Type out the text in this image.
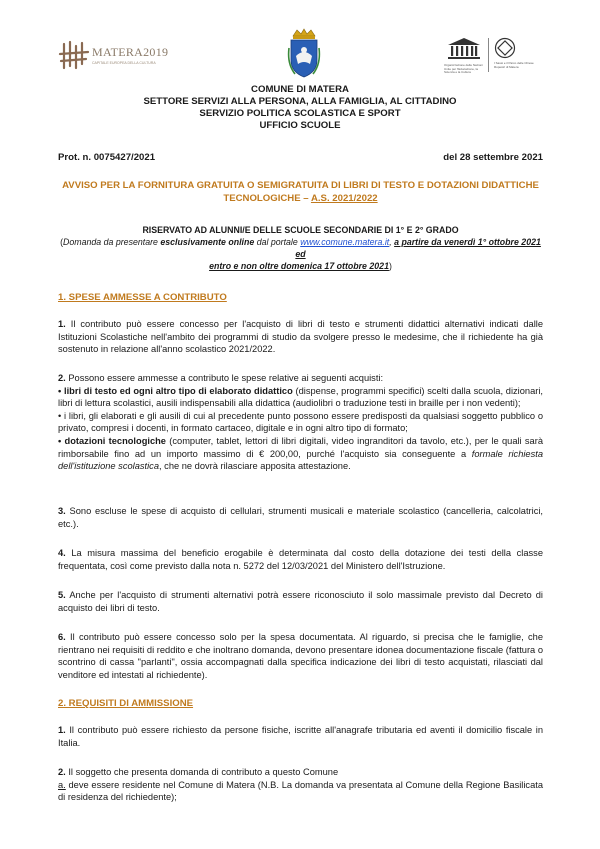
MATERA2019
CAPITALE EUROPEA DELLA CULTURA	Organizzazione delle Nazioni Unite per l'Educazione, la Scienza e la Cultura
I Sassi e il Parco delle Chiese Rupestri di Matera
COMUNE DI MATERA
SETTORE SERVIZI ALLA PERSONA, ALLA FAMIGLIA, AL CITTADINO
SERVIZIO POLITICA SCOLASTICA E SPORT
UFFICIO SCUOLE
Prot. n. 0075427/2021	del 28 settembre 2021
AVVISO PER LA FORNITURA GRATUITA O SEMIGRATUITA DI LIBRI DI TESTO E DOTAZIONI DIDATTICHE
TECNOLOGICHE – A.S. 2021/2022
RISERVATO AD ALUNNI/E DELLE SCUOLE SECONDARIE DI 1° E 2° GRADO
(Domanda da presentare esclusivamente online dal portale www.comune.matera.it, a partire da venerdì 1° ottobre 2021 ed
entro e non oltre domenica 17 ottobre 2021)
1. SPESE AMMESSE A CONTRIBUTO
1. Il contributo può essere concesso per l'acquisto di libri di testo e strumenti didattici alternativi indicati dalle Istituzioni Scolastiche nell'ambito dei programmi di studio da svolgere presso le medesime, che il richiedente ha già sostenuto in relazione all'anno scolastico 2021/2022.
2. Possono essere ammesse a contributo le spese relative ai seguenti acquisti:
• libri di testo ed ogni altro tipo di elaborato didattico (dispense, programmi specifici) scelti dalla scuola, dizionari, libri di lettura scolastici, ausili indispensabili alla didattica (audiolibri o traduzione testi in braille per i non vedenti);
• i libri, gli elaborati e gli ausili di cui al precedente punto possono essere predisposti da qualsiasi soggetto pubblico o privato, compresi i docenti, in formato cartaceo, digitale e in ogni altro tipo di formato;
• dotazioni tecnologiche (computer, tablet, lettori di libri digitali, video ingranditori da tavolo, etc.), per le quali sarà rimborsabile fino ad un importo massimo di € 200,00, purché l'acquisto sia conseguente a formale richiesta dell'istituzione scolastica, che ne dovrà rilasciare apposita attestazione.
3. Sono escluse le spese di acquisto di cellulari, strumenti musicali e materiale scolastico (cancelleria, calcolatrici, etc.).
4. La misura massima del beneficio erogabile è determinata dal costo della dotazione dei testi della classe frequentata, così come previsto dalla nota n. 5272 del 12/03/2021 del Ministero dell'Istruzione.
5. Anche per l'acquisto di strumenti alternativi potrà essere riconosciuto il solo massimale previsto dal Decreto di acquisto dei libri di testo.
6. Il contributo può essere concesso solo per la spesa documentata. Al riguardo, si precisa che le famiglie, che rientrano nei requisiti di reddito e che inoltrano domanda, devono presentare idonea documentazione fiscale (fattura o scontrino di cassa "parlanti", ossia accompagnati dalla specifica indicazione dei libri di testo acquistati, rilasciati dal venditore ed intestati al richiedente).
2. REQUISITI DI AMMISSIONE
1. Il contributo può essere richiesto da persone fisiche, iscritte all'anagrafe tributaria ed aventi il domicilio fiscale in Italia.
2. Il soggetto che presenta domanda di contributo a questo Comune
a. deve essere residente nel Comune di Matera (N.B. La domanda va presentata al Comune della Regione Basilicata di residenza del richiedente);
